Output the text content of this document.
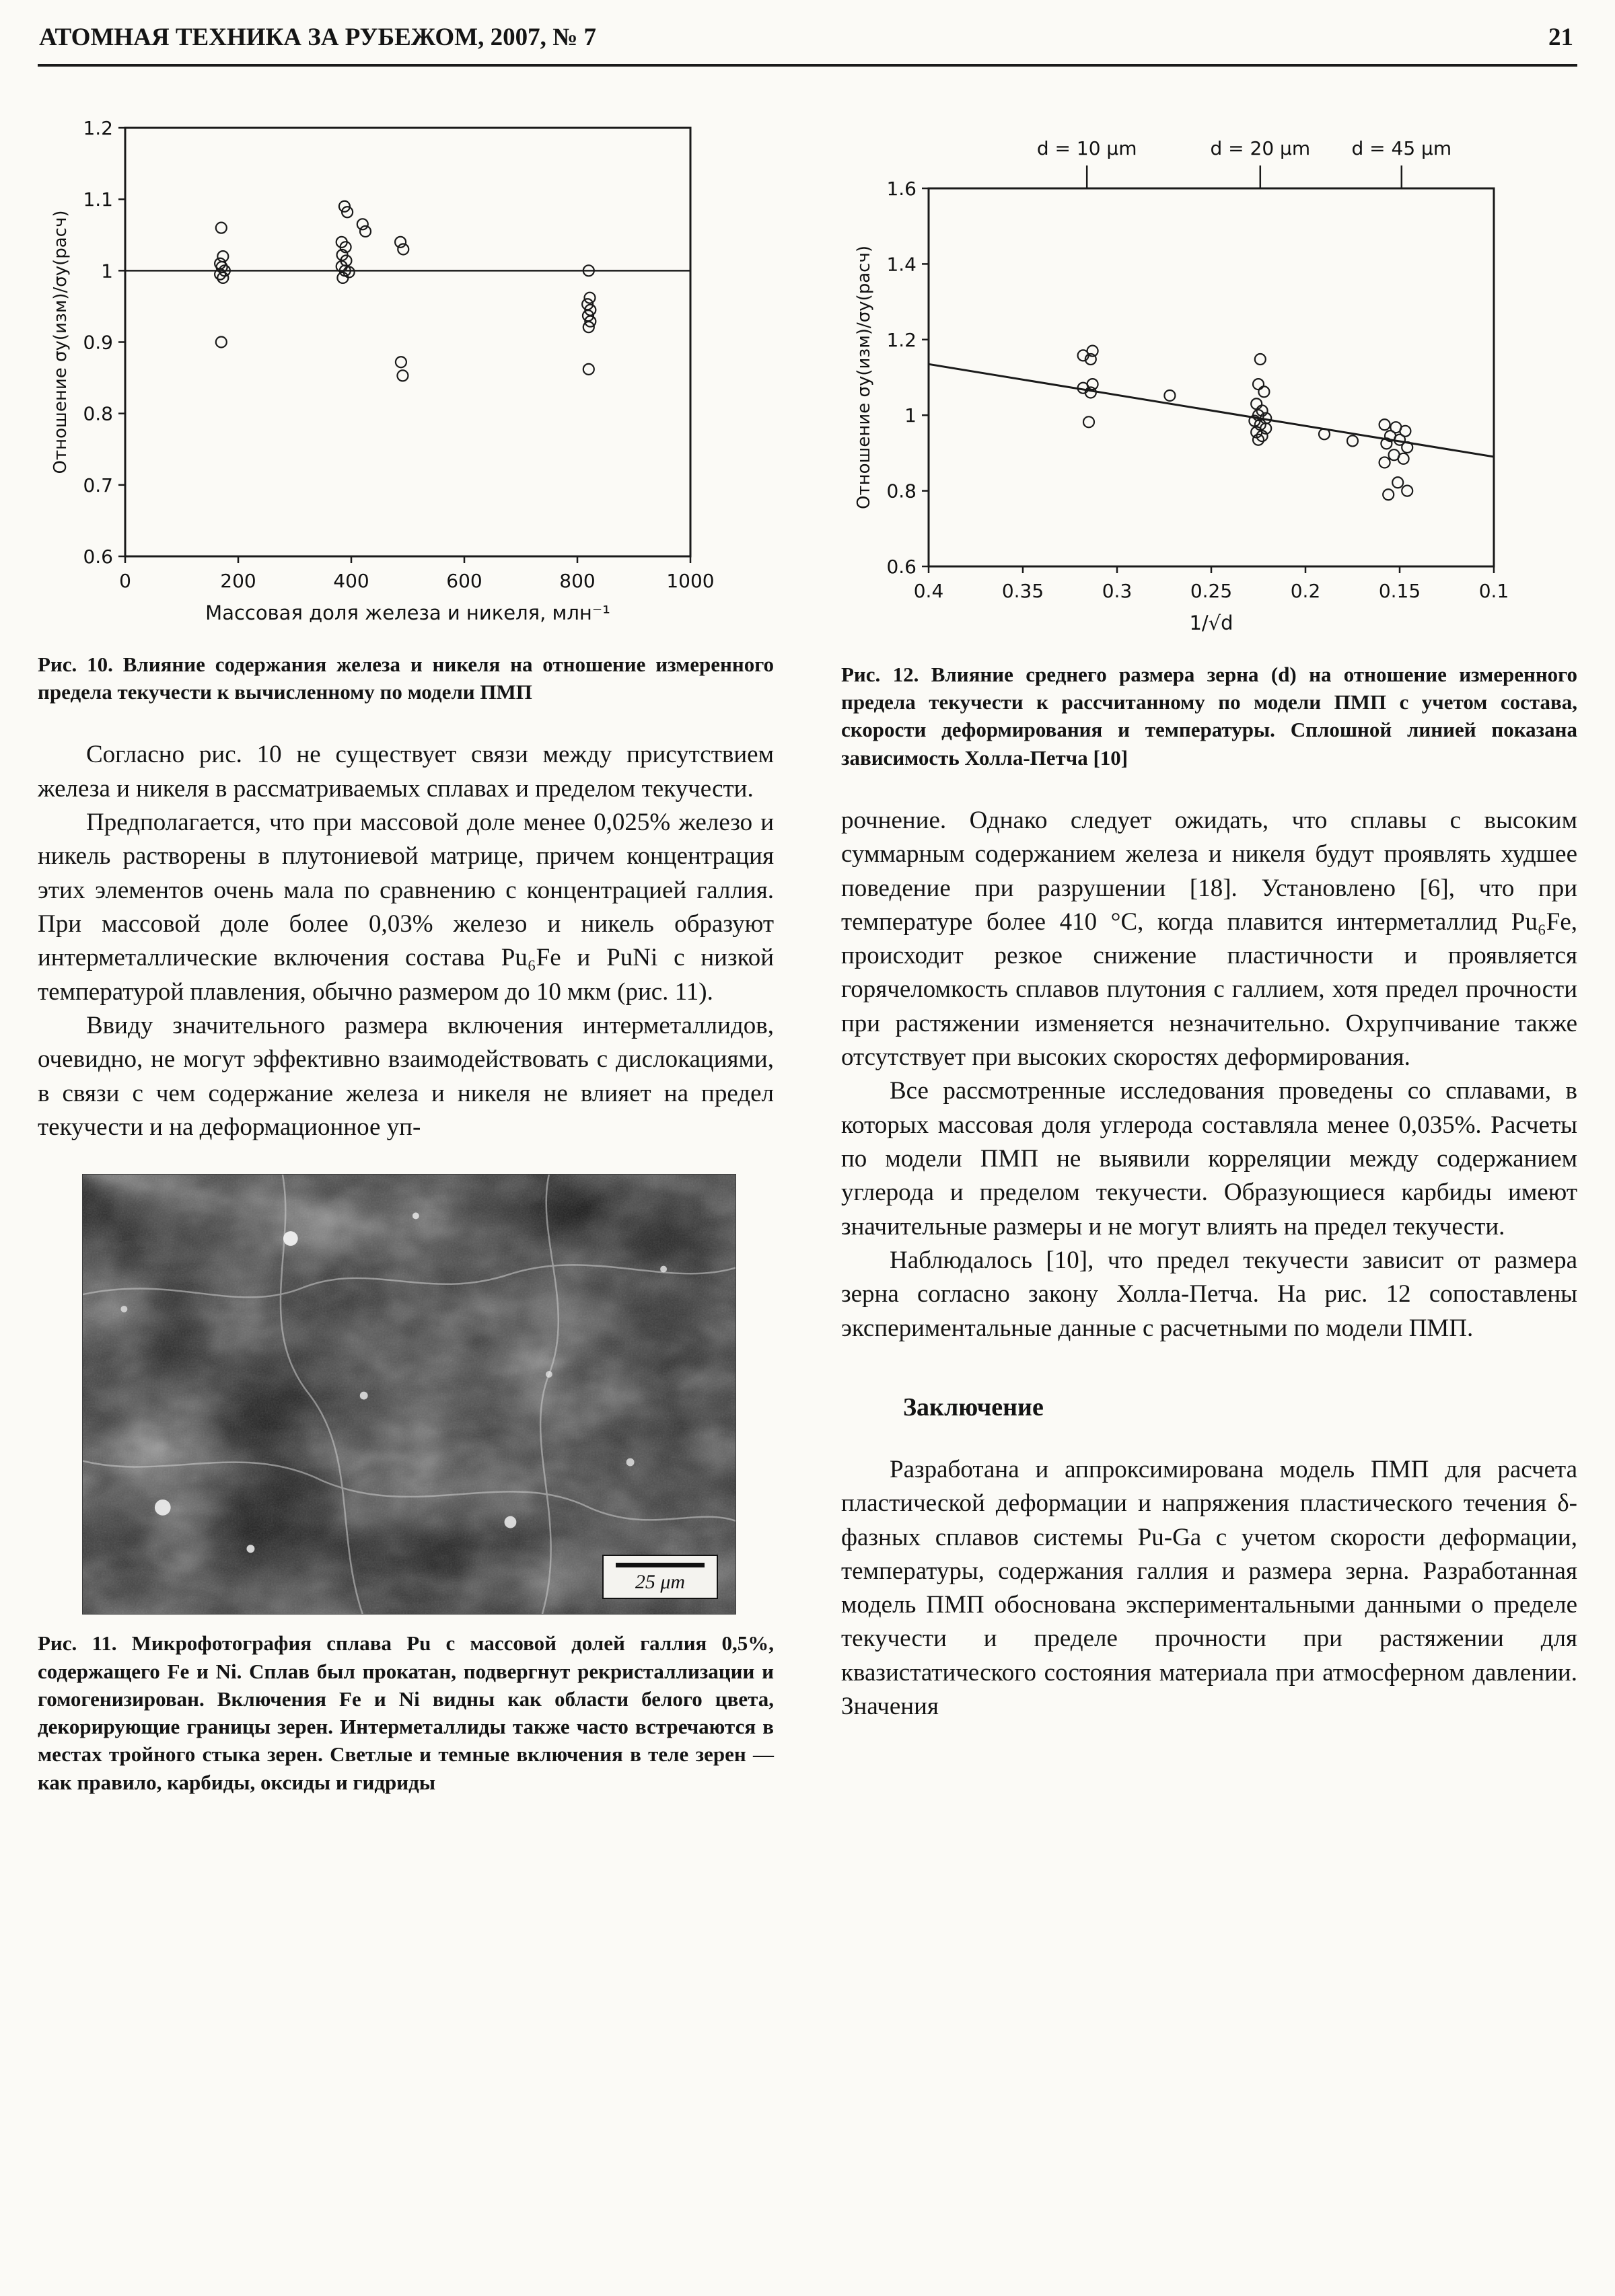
АТОМНАЯ ТЕХНИКА ЗА РУБЕЖОМ, 2007, № 7	21
0	200	400	600	800	1000
0.6
0.7
0.8
0.9
1
1.1
1.2
Массовая доля железа и никеля, млн⁻¹
Отношение σу(изм)/σу(расч)
Рис. 10. Влияние содержания железа и никеля на отношение измеренного предела текучести к вычисленному по модели ПМП

Согласно рис. 10 не существует связи между присутствием железа и никеля в рассматриваемых сплавах и пределом текучести.

Предполагается, что при массовой доле менее 0,025% железо и никель растворены в плутониевой матрице, причем концентрация этих элементов очень мала по сравнению с концентрацией галлия. При массовой доле более 0,03% железо и никель образуют интерметаллические включения состава Pu₆Fe и PuNi с низкой температурой плавления, обычно размером до 10 мкм (рис. 11).

Ввиду значительного размера включения интерметаллидов, очевидно, не могут эффективно взаимодействовать с дислокациями, в связи с чем содержание железа и никеля не влияет на предел текучести и на деформационное уп-

25 μm
Рис. 11. Микрофотография сплава Pu с массовой долей галлия 0,5%, содержащего Fe и Ni. Сплав был прокатан, подвергнут рекристаллизации и гомогенизирован. Включения Fe и Ni видны как области белого цвета, декорирующие границы зерен. Интерметаллиды также часто встречаются в местах тройного стыка зерен. Светлые и темные включения в теле зерен — как правило, карбиды, оксиды и гидриды
0.4	0.35	0.3	0.25	0.2	0.15	0.1
0.6
0.8
1
1.2
1.4
1.6
d = 10 μm	d = 20 μm d = 45 μm
1/√d
Отношение σу(изм)/σу(расч)
Рис. 12. Влияние среднего размера зерна (d) на отношение измеренного предела текучести к рассчитанному по модели ПМП с учетом состава, скорости деформирования и температуры. Сплошной линией показана зависимость Холла-Петча [10]

рочнение. Однако следует ожидать, что сплавы с высоким суммарным содержанием железа и никеля будут проявлять худшее поведение при разрушении [18]. Установлено [6], что при температуре более 410 °С, когда плавится интерметаллид Pu₆Fe, происходит резкое снижение пластичности и проявляется горячеломкость сплавов плутония с галлием, хотя предел прочности при растяжении изменяется незначительно. Охрупчивание также отсутствует при высоких скоростях деформирования.

Все рассмотренные исследования проведены со сплавами, в которых массовая доля углерода составляла менее 0,035%. Расчеты по модели ПМП не выявили корреляции между содержанием углерода и пределом текучести. Образующиеся карбиды имеют значительные размеры и не могут влиять на предел текучести.

Наблюдалось [10], что предел текучести зависит от размера зерна согласно закону Холла-Петча. На рис. 12 сопоставлены экспериментальные данные с расчетными по модели ПМП.

Заключение

Разработана и аппроксимирована модель ПМП для расчета пластической деформации и напряжения пластического течения δ-фазных сплавов системы Pu-Ga с учетом скорости деформации, температуры, содержания галлия и размера зерна. Разработанная модель ПМП обоснована экспериментальными данными о пределе текучести и пределе прочности при растяжении для квазистатического состояния материала при атмосферном давлении. Значения
